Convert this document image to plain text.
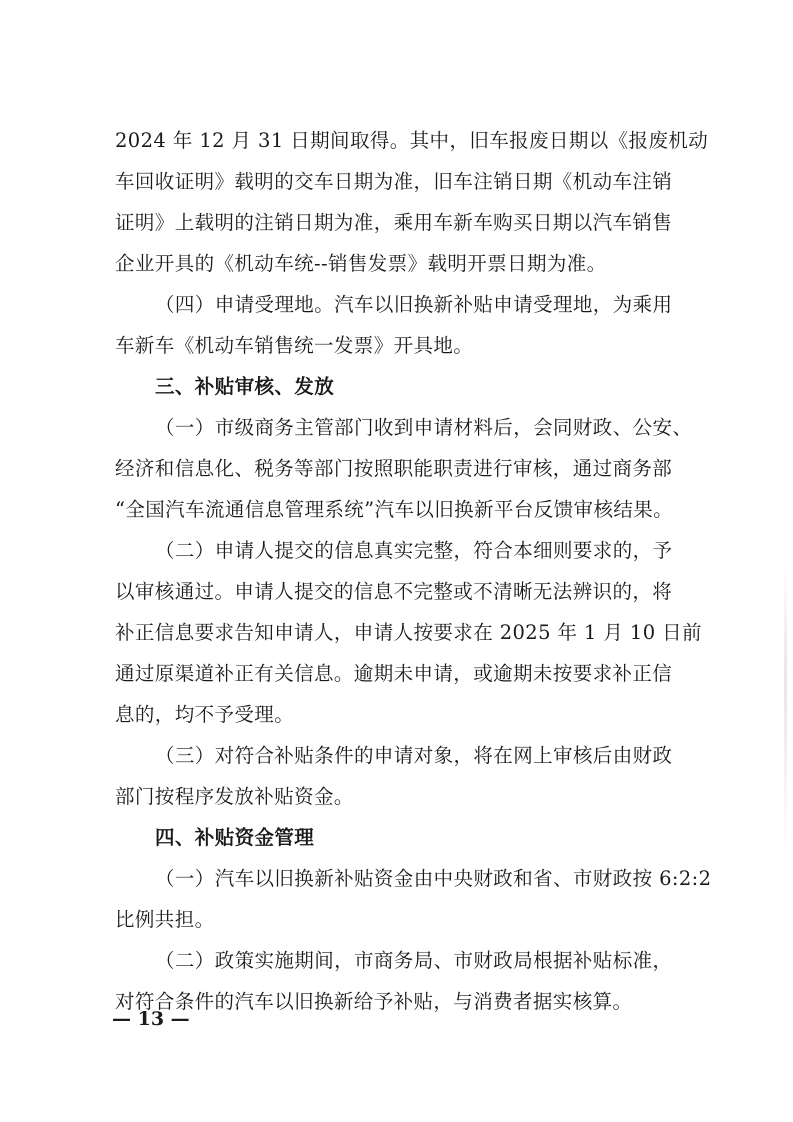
2024 年 12 月 31 日期间取得。其中，旧车报废日期以《报废机动
车回收证明》载明的交车日期为准，旧车注销日期《机动车注销
证明》上载明的注销日期为准，乘用车新车购买日期以汽车销售
企业开具的《机动车统--销售发票》载明开票日期为准。
（四）申请受理地。汽车以旧换新补贴申请受理地，为乘用
车新车《机动车销售统一发票》开具地。
三、补贴审核、发放
（一）市级商务主管部门收到申请材料后，会同财政、公安、
经济和信息化、税务等部门按照职能职责进行审核，通过商务部
“全国汽车流通信息管理系统”汽车以旧换新平台反馈审核结果。
（二）申请人提交的信息真实完整，符合本细则要求的，予
以审核通过。申请人提交的信息不完整或不清晰无法辨识的，将
补正信息要求告知申请人，申请人按要求在 2025 年 1 月 10 日前
通过原渠道补正有关信息。逾期未申请，或逾期未按要求补正信
息的，均不予受理。
（三）对符合补贴条件的申请对象，将在网上审核后由财政
部门按程序发放补贴资金。
四、补贴资金管理
（一）汽车以旧换新补贴资金由中央财政和省、市财政按 6:2:2
比例共担。
（二）政策实施期间，市商务局、市财政局根据补贴标准，
对符合条件的汽车以旧换新给予补贴，与消费者据实核算。
— 13 —
